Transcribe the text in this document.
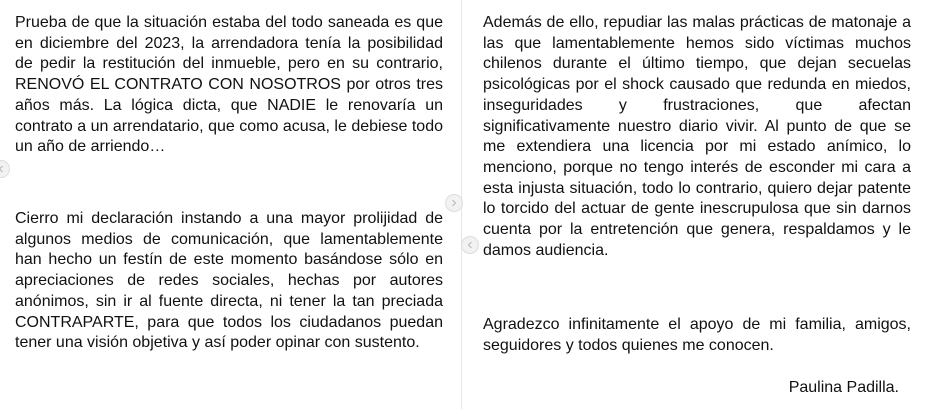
Prueba de que la situación estaba del todo saneada es que en diciembre del 2023, la arrendadora tenía la posibilidad de pedir la restitución del inmueble, pero en su contrario, RENOVÓ EL CONTRATO CON NOSOTROS por otros tres años más. La lógica dicta, que NADIE le renovaría un contrato a un arrendatario, que como acusa, le debiese todo un año de arriendo…

Cierro mi declaración instando a una mayor prolijidad de algunos medios de comunicación, que lamentablemente han hecho un festín de este momento basándose sólo en apreciaciones de redes sociales, hechas por autores anónimos, sin ir al fuente directa, ni tener la tan preciada CONTRAPARTE, para que todos los ciudadanos puedan tener una visión objetiva y así poder opinar con sustento.

Además de ello, repudiar las malas prácticas de matonaje a las que lamentablemente hemos sido víctimas muchos chilenos durante el último tiempo, que dejan secuelas psicológicas por el shock causado que redunda en miedos, inseguridades y frustraciones, que afectan significativamente nuestro diario vivir. Al punto de que se me extendiera una licencia por mi estado anímico, lo menciono, porque no tengo interés de esconder mi cara a esta injusta situación, todo lo contrario, quiero dejar patente lo torcido del actuar de gente inescrupulosa que sin darnos cuenta por la entretención que genera, respaldamos y le damos audiencia.

Agradezco infinitamente el apoyo de mi familia, amigos, seguidores y todos quienes me conocen.

Paulina Padilla.
